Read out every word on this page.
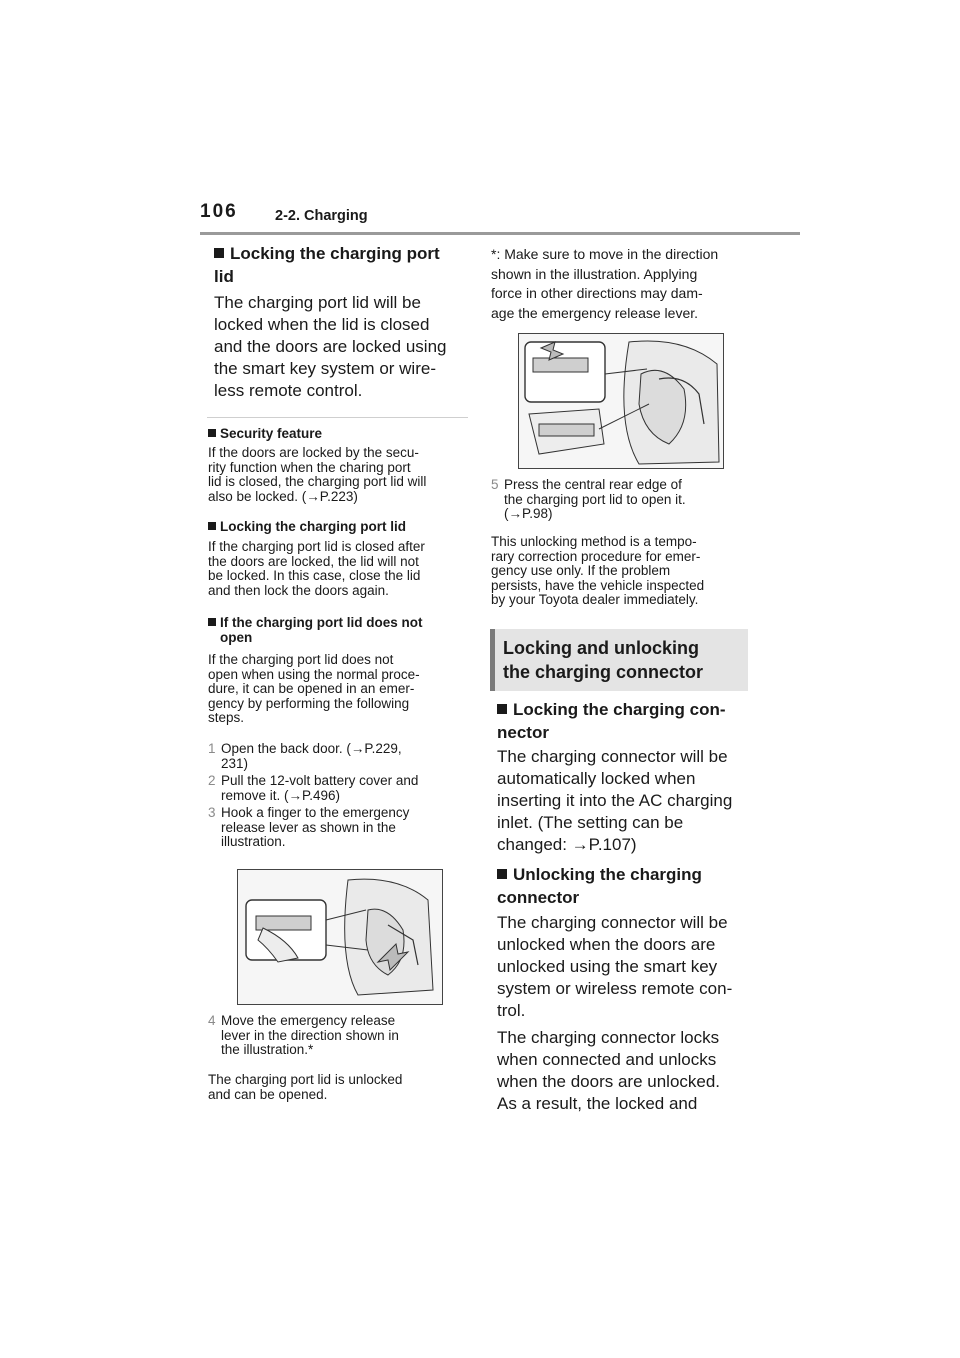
106	2-2. Charging
Locking the charging port
lid
The charging port lid will be
locked when the lid is closed
and the doors are locked using
the smart key system or wire-
less remote control.
Security feature
If the doors are locked by the secu-
rity function when the charing port
lid is closed, the charging port lid will
also be locked. (→P.223)
Locking the charging port lid
If the charging port lid is closed after
the doors are locked, the lid will not
be locked. In this case, close the lid
and then lock the doors again.
If the charging port lid does not
open
If the charging port lid does not
open when using the normal proce-
dure, it can be opened in an emer-
gency by performing the following
steps.
1 Open the back door. (→P.229,
231)
2 Pull the 12-volt battery cover and
remove it. (→P.496)
3 Hook a finger to the emergency
release lever as shown in the
illustration.
4 Move the emergency release
lever in the direction shown in
the illustration.*
The charging port lid is unlocked
and can be opened.
*: Make sure to move in the direction
shown in the illustration. Applying
force in other directions may dam-
age the emergency release lever.
5 Press the central rear edge of
the charging port lid to open it.
(→P.98)
This unlocking method is a tempo-
rary correction procedure for emer-
gency use only. If the problem
persists, have the vehicle inspected
by your Toyota dealer immediately.
Locking and unlocking
the charging connector
Locking the charging con-
nector
The charging connector will be
automatically locked when
inserting it into the AC charging
inlet. (The setting can be
changed: →P.107)
Unlocking the charging
connector
The charging connector will be
unlocked when the doors are
unlocked using the smart key
system or wireless remote con-
trol.
The charging connector locks
when connected and unlocks
when the doors are unlocked.
As a result, the locked and
